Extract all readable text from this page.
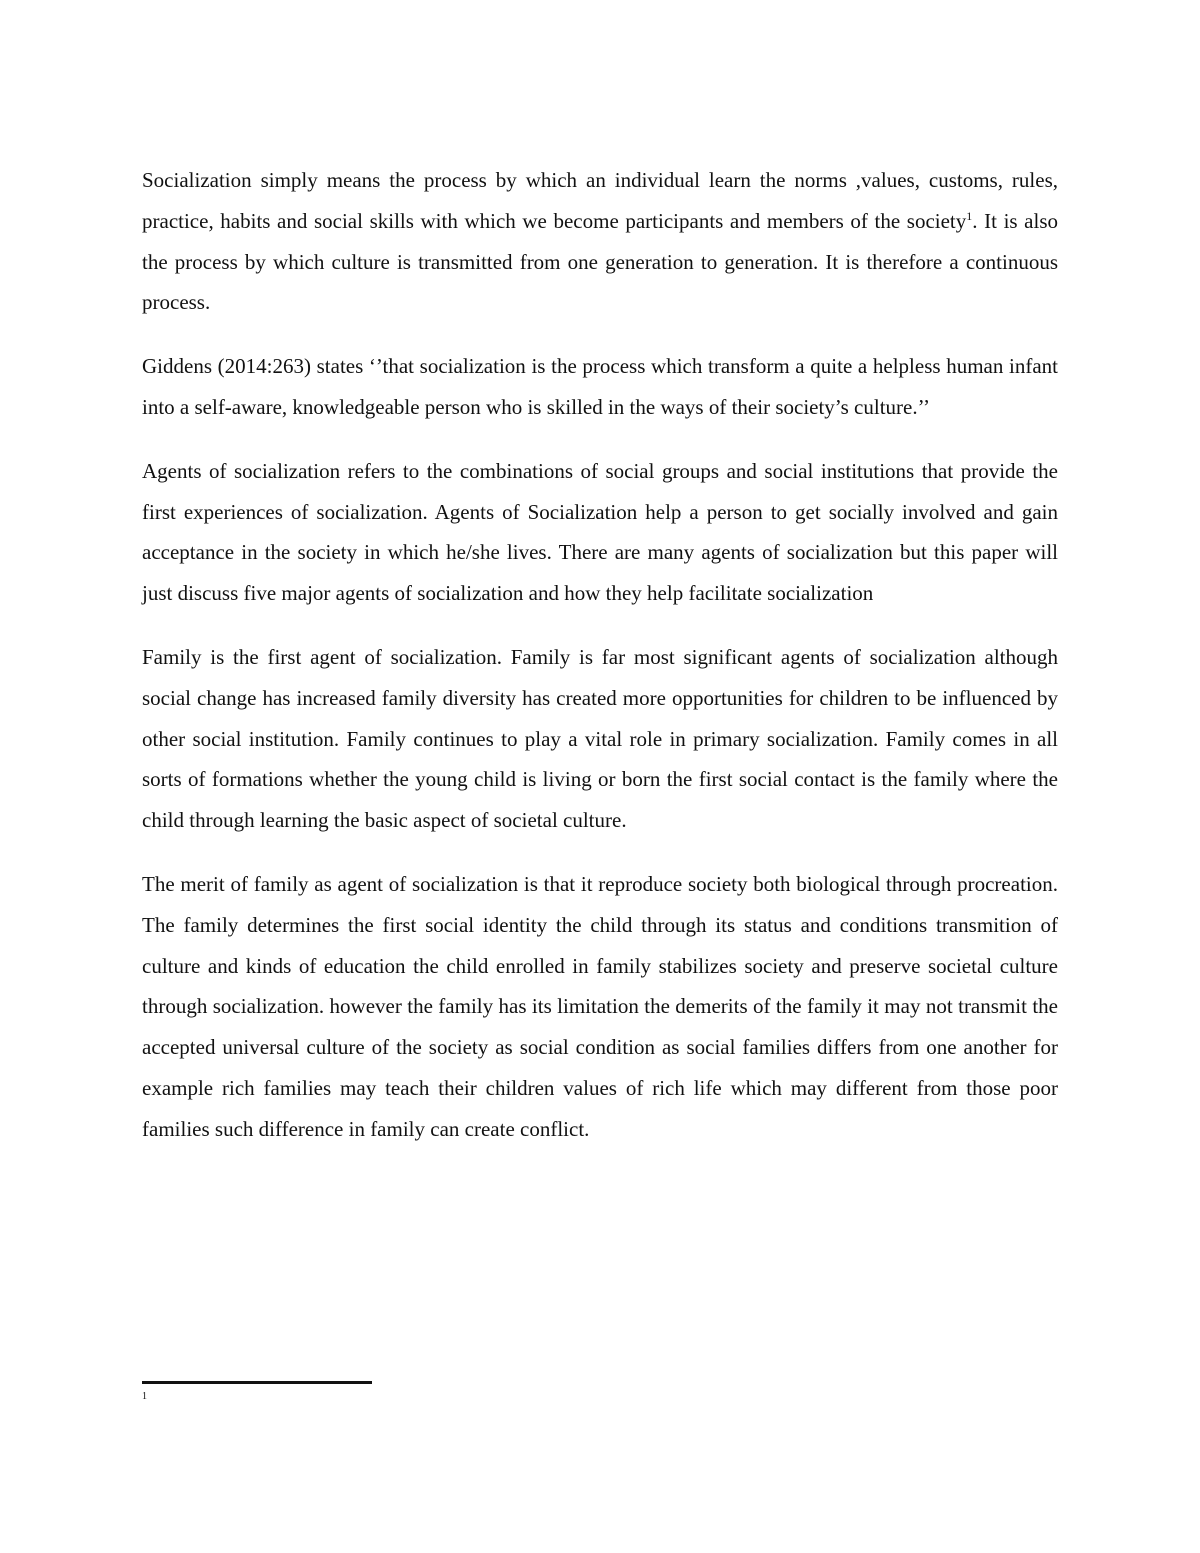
Socialization simply means the process by which an individual learn the norms ,values, customs, rules, practice, habits and social skills with which we become participants and members of the society$^1$. It is also the process by which culture is transmitted from one generation to generation. It is therefore a continuous process.

Giddens (2014:263) states ‘’that socialization is the process which transform a quite a helpless human infant into a self-aware, knowledgeable person who is skilled in the ways of their society’s culture.’’

Agents of socialization refers to the combinations of social groups and social institutions that provide the first experiences of socialization. Agents of Socialization help a person to get socially involved and gain acceptance in the society in which he/she lives. There are many agents of socialization but this paper will just discuss five major agents of socialization and how they help facilitate socialization

Family is the first agent of socialization. Family is far most significant agents of socialization although social change has increased family diversity has created more opportunities for children to be influenced by other social institution. Family continues to play a vital role in primary socialization. Family comes in all sorts of formations whether the young child is living or born the first social contact is the family where the child through learning the basic aspect of societal culture.

The merit of family as agent of socialization is that it reproduce society both biological through procreation. The family determines the first social identity the child through its status and conditions transmition of culture and kinds of education the child enrolled in family stabilizes society and preserve societal culture through socialization. however the family has its limitation the demerits of the family it may not transmit the accepted universal culture of the society as social condition as social families differs from one another for example rich families may teach their children values of rich life which may different from those poor families such difference in family can create conflict.

1
